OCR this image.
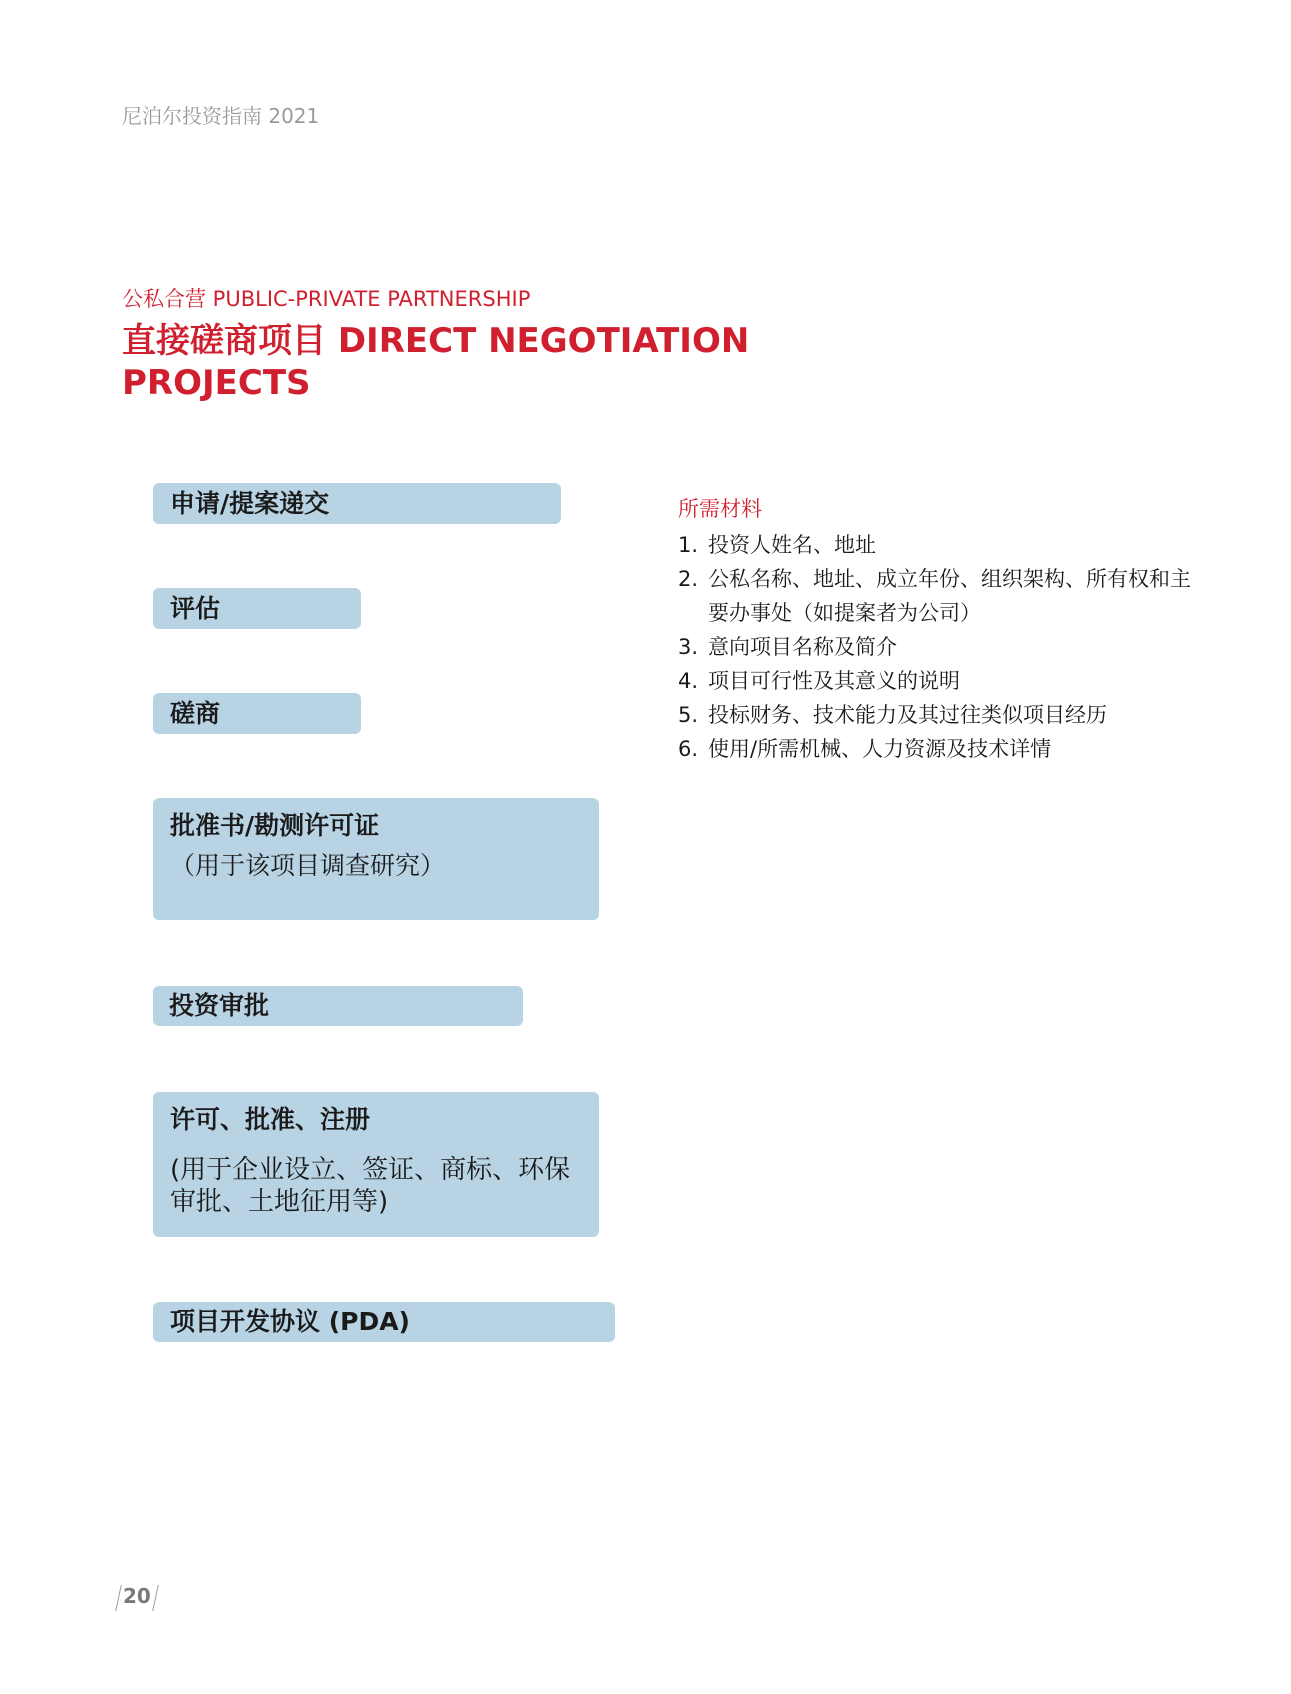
尼泊尔投资指南 2021
公私合营 PUBLIC-PRIVATE PARTNERSHIP
直接磋商项目 DIRECT NEGOTIATION PROJECTS
申请/提案递交
评估
磋商
批准书/勘测许可证
（用于该项目调查研究）
投资审批
许可、批准、注册
(用于企业设立、签证、商标、环保审批、土地征用等)
项目开发协议 (PDA)
所需材料
1. 投资人姓名、地址
2. 公私名称、地址、成立年份、组织架构、所有权和主要办事处（如提案者为公司）
3. 意向项目名称及简介
4. 项目可行性及其意义的说明
5. 投标财务、技术能力及其过往类似项目经历
6. 使用/所需机械、人力资源及技术详情
20
